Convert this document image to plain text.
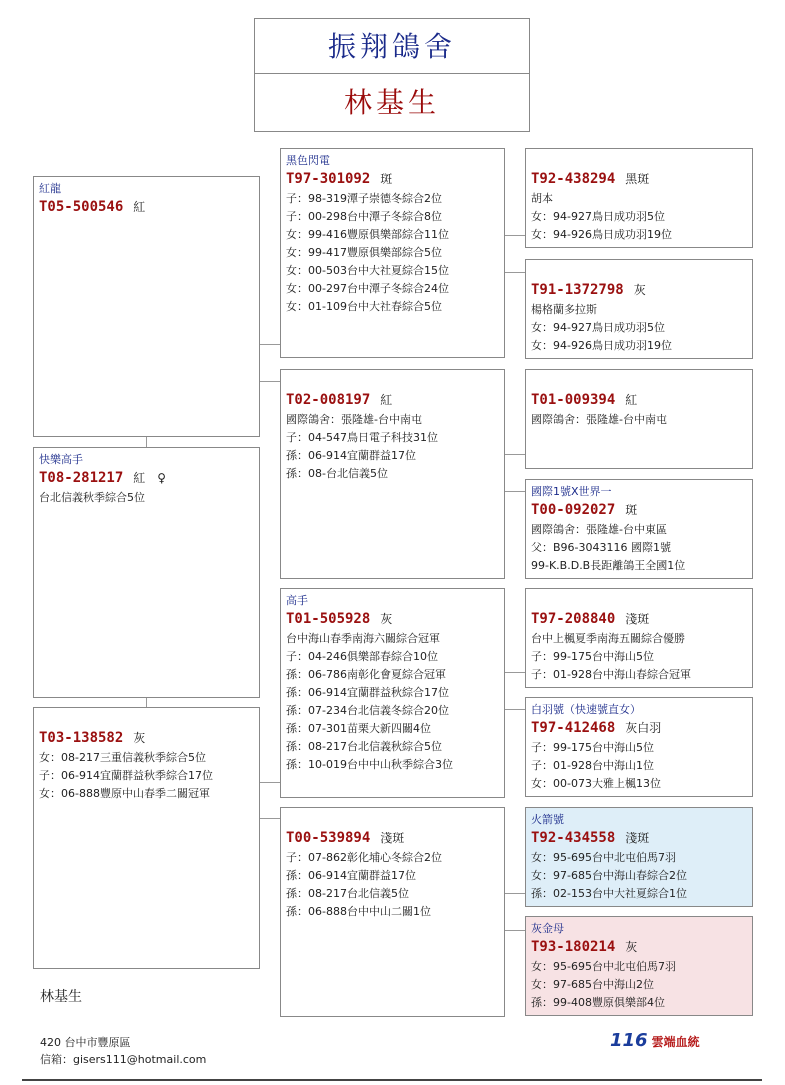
振翔鴿舍
林基生
紅龍
T05-500546 紅
快樂高手
T08-281217 紅　♀
台北信義秋季綜合5位
T03-138582 灰
女：08-217三重信義秋季綜合5位
子：06-914宜蘭群益秋季綜合17位
女：06-888豐原中山春季二關冠軍
黑色閃電
T97-301092 斑
子：98-319潭子崇德冬綜合2位
子：00-298台中潭子冬綜合8位
女：99-416豐原俱樂部綜合11位
女：99-417豐原俱樂部綜合5位
女：00-503台中大社夏綜合15位
女：00-297台中潭子冬綜合24位
女：01-109台中大社春綜合5位
T02-008197 紅
國際鴿舍：張隆雄-台中南屯
子：04-547鳥日電子科技31位
孫：06-914宜蘭群益17位
孫：08-台北信義5位
高手
T01-505928 灰
台中海山春季南海六關綜合冠軍
子：04-246俱樂部春綜合10位
孫：06-786南彰化會夏綜合冠軍
孫：06-914宜蘭群益秋綜合17位
孫：07-234台北信義冬綜合20位
孫：07-301苗栗大新四關4位
孫：08-217台北信義秋綜合5位
孫：10-019台中中山秋季綜合3位
T00-539894 淺斑
子：07-862彰化埔心冬綜合2位
孫：06-914宜蘭群益17位
孫：08-217台北信義5位
孫：06-888台中中山二關1位
T92-438294 黑斑
胡本
女：94-927鳥日成功羽5位
女：94-926鳥日成功羽19位
T91-1372798 灰
楊格蘭多拉斯
女：94-927鳥日成功羽5位
女：94-926鳥日成功羽19位
T01-009394 紅
國際鴿舍：張隆雄-台中南屯
國際1號X世界一
T00-092027 斑
國際鴿舍：張隆雄-台中東區
父：B96-3043116 國際1號
99-K.B.D.B長距離鴿王全國1位
T97-208840 淺斑
台中上楓夏季南海五關綜合優勝
子：99-175台中海山5位
子：01-928台中海山春綜合冠軍
白羽號（快速號直女）
T97-412468 灰白羽
子：99-175台中海山5位
子：01-928台中海山1位
女：00-073大雅上楓13位
火箭號
T92-434558 淺斑
女：95-695台中北屯伯馬7羽
女：97-685台中海山春綜合2位
孫：02-153台中大社夏綜合1位
灰金母
T93-180214 灰
女：95-695台中北屯伯馬7羽
女：97-685台中海山2位
孫：99-408豐原俱樂部4位
林基生
420 台中市豐原區
信箱：gisers111@hotmail.com
116 雲端血統
